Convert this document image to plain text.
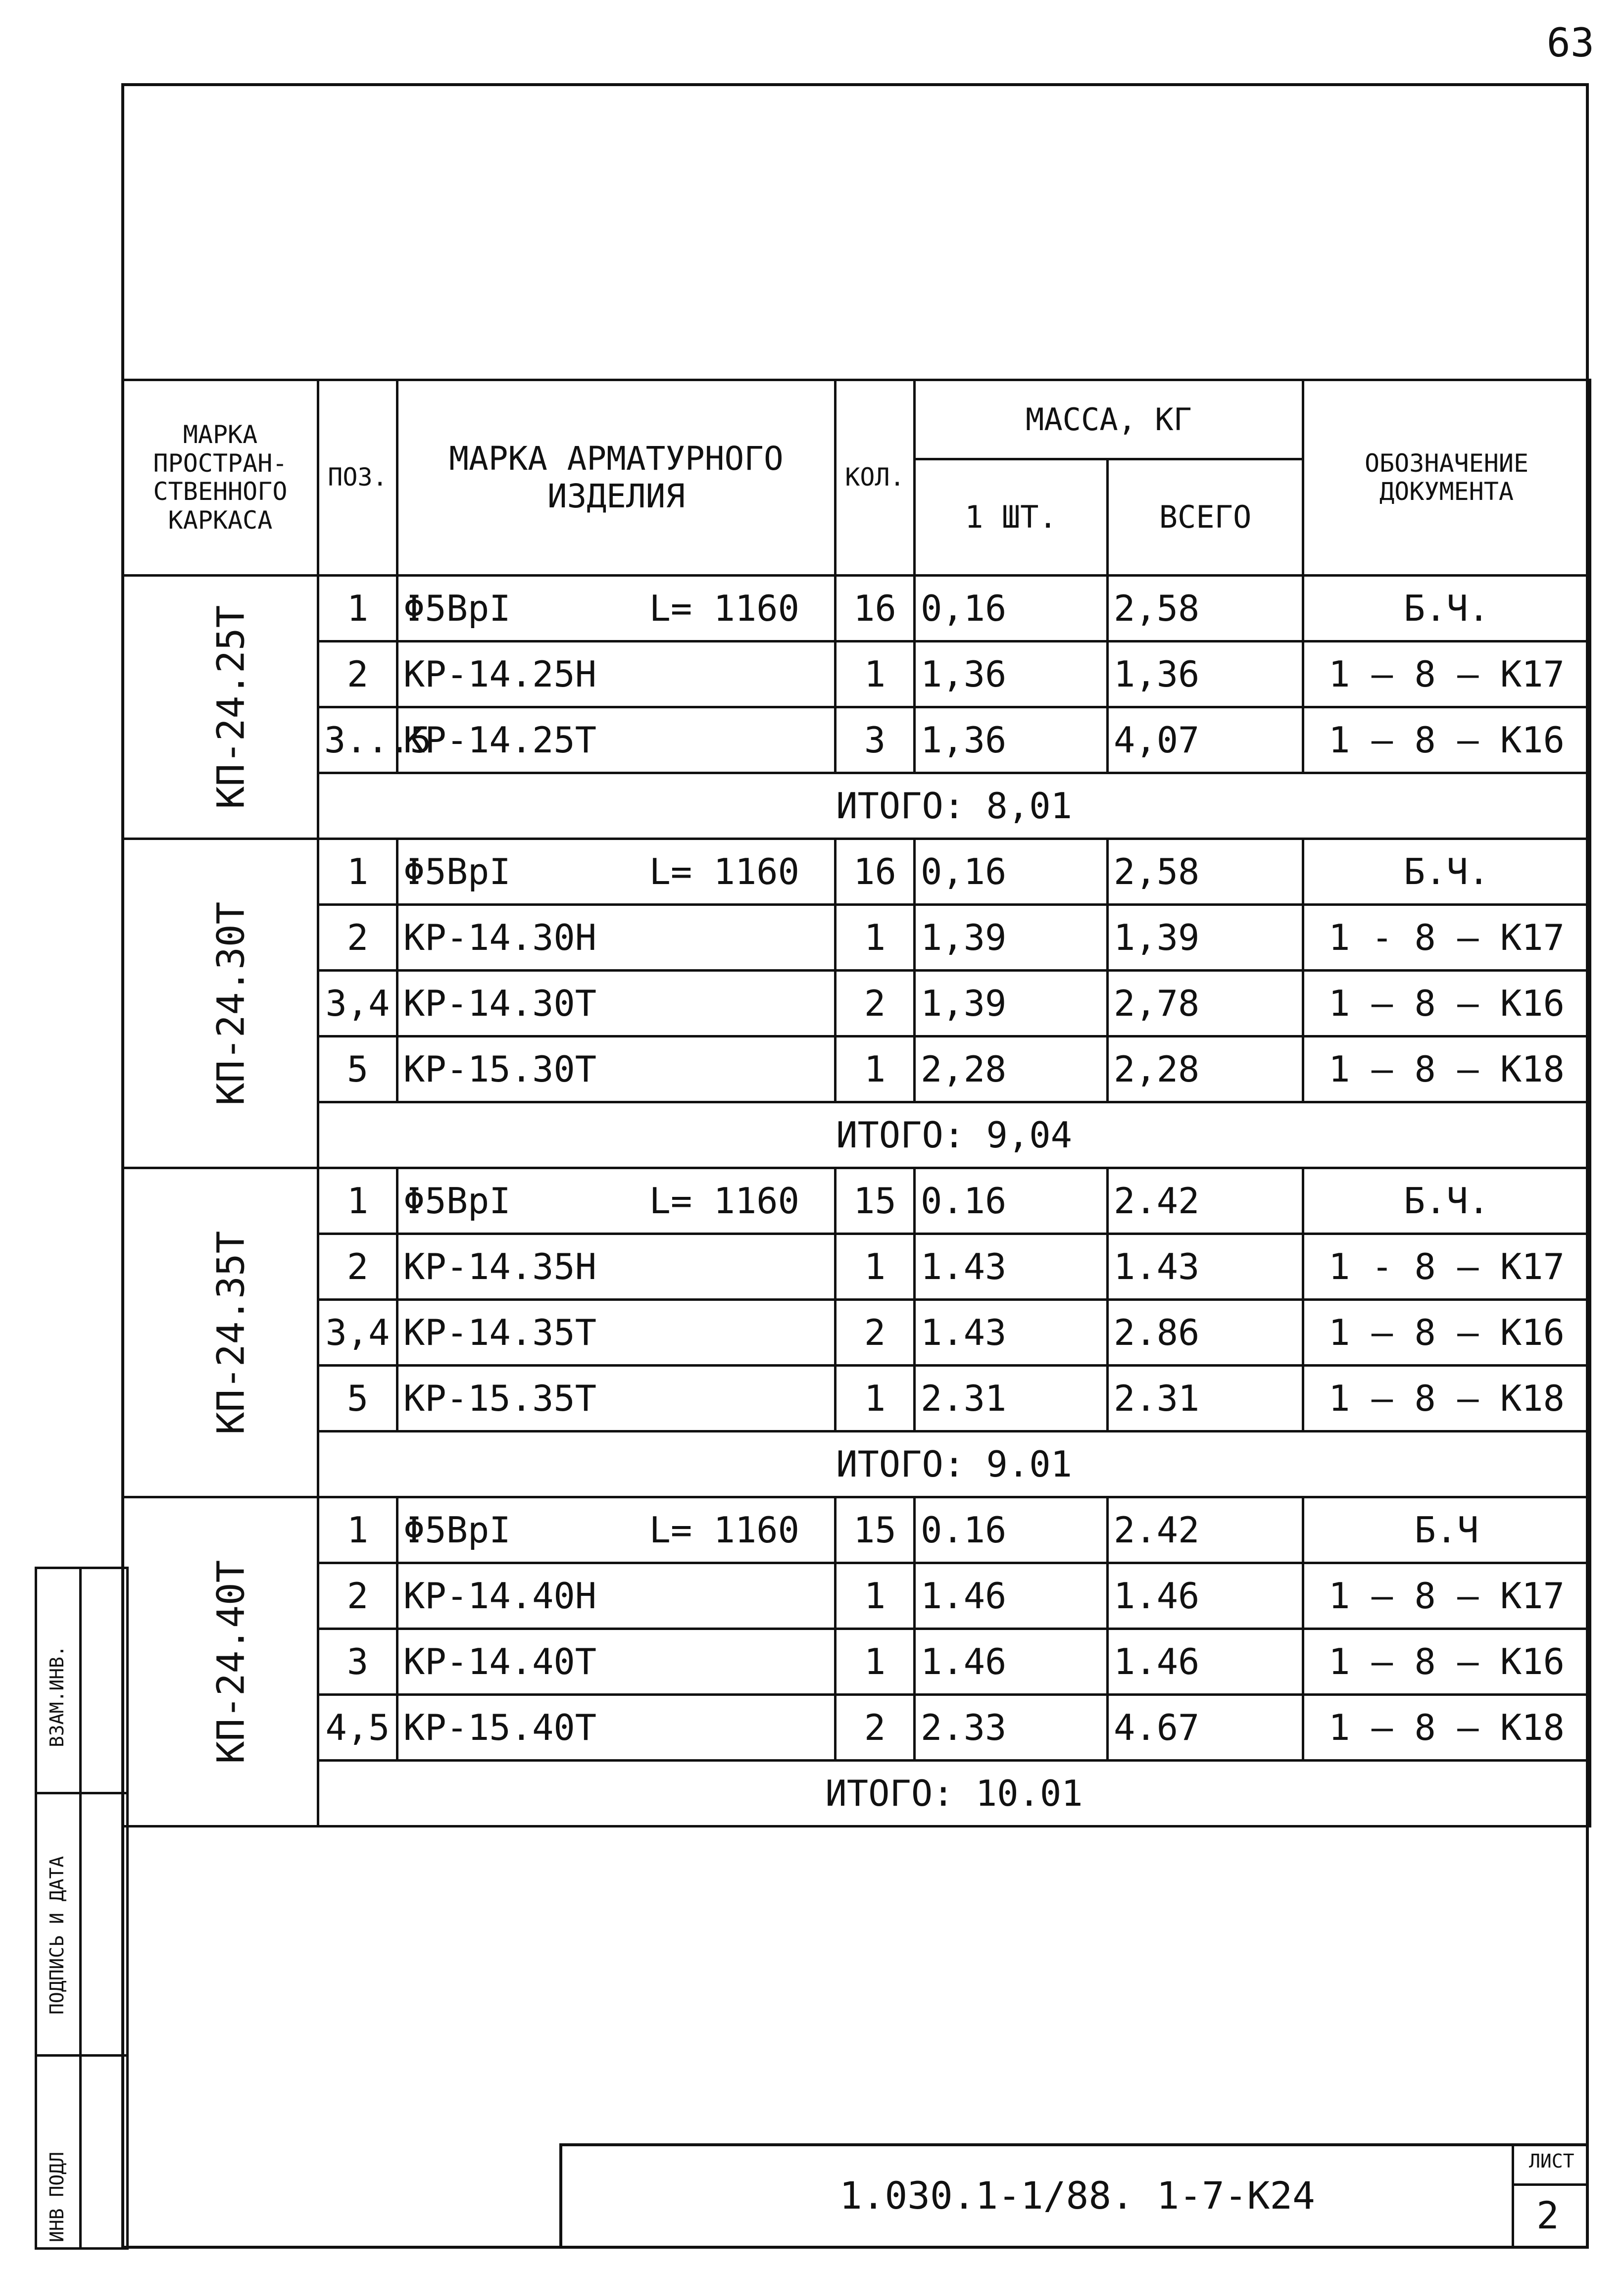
63
МАРКА ПРОСТРАН-СТВЕННОГО КАРКАСА	ПОЗ.	МАРКА АРМАТУРНОГО ИЗДЕЛИЯ	КОЛ.	МАССА, КГ		ОБОЗНАЧЕНИЕ ДОКУМЕНТА
				1 ШТ.	ВСЕГО	
КП-24.25Т	1	Φ5ВрI L= 1160	16	0,16	2,58	Б.Ч.
	2	КР-14.25Н	1	1,36	1,36	1 — 8 — К17
	3...5	КР-14.25Т	3	1,36	4,07	1 — 8 — К16
	ИТОГО: 8,01					
КП-24.30Т	1	Φ5ВрI L= 1160	16	0,16	2,58	Б.Ч.
	2	КР-14.30Н	1	1,39	1,39	1 - 8 — К17
	3,4	КР-14.30Т	2	1,39	2,78	1 — 8 — К16
	5	КР-15.30Т	1	2,28	2,28	1 — 8 — К18
	ИТОГО: 9,04					
КП-24.35Т	1	Φ5ВрI L= 1160	15	0.16	2.42	Б.Ч.
	2	КР-14.35Н	1	1.43	1.43	1 - 8 — К17
	3,4	КР-14.35Т	2	1.43	2.86	1 — 8 — К16
	5	КР-15.35Т	1	2.31	2.31	1 — 8 — К18
	ИТОГО: 9.01					
КП-24.40Т	1	Φ5ВрI L= 1160	15	0.16	2.42	Б.Ч
	2	КР-14.40Н	1	1.46	1.46	1 — 8 — К17
	3	КР-14.40Т	1	1.46	1.46	1 — 8 — К16
	4,5	КР-15.40Т	2	2.33	4.67	1 — 8 — К18
	ИТОГО: 10.01					
ВЗАМ.ИНВ.
ПОДПИСЬ И ДАТА
ИНВ ПОДЛ	1.030.1-1/88. 1-7-К24
ЛИСТ
2
